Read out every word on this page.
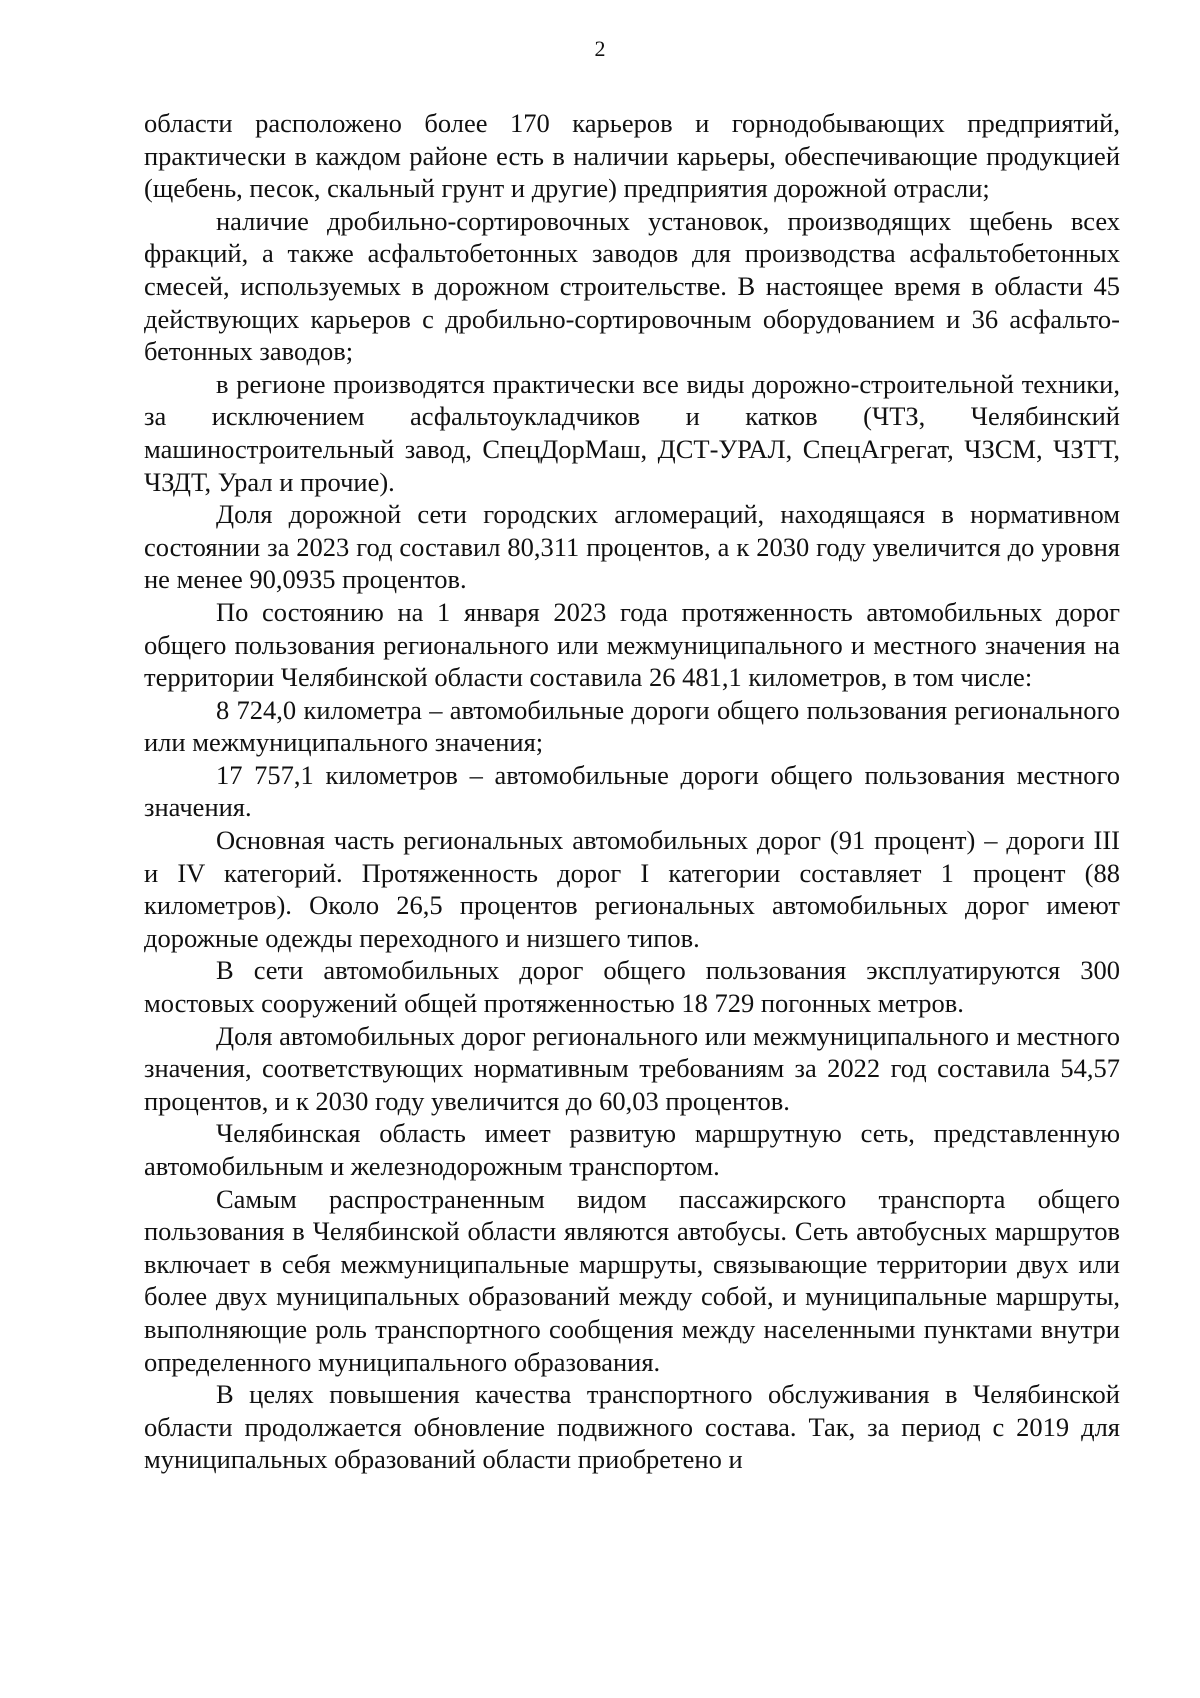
2

области расположено более 170 карьеров и горнодобывающих предприятий, практически в каждом районе есть в наличии карьеры, обеспечивающие продукцией (щебень, песок, скальный грунт и другие) предприятия дорожной отрасли;

наличие дробильно-сортировочных установок, производящих щебень всех фракций, а также асфальтобетонных заводов для производства асфальтобетонных смесей, используемых в дорожном строительстве. В настоящее время в области 45 действующих карьеров с дробильно-сортировочным оборудованием и 36 асфальто-бетонных заводов;

в регионе производятся практически все виды дорожно-строительной техники, за исключением асфальтоукладчиков и катков (ЧТЗ, Челябинский машиностроительный завод, СпецДорМаш, ДСТ-УРАЛ, СпецАгрегат, ЧЗСМ, ЧЗТТ, ЧЗДТ, Урал и прочие).

Доля дорожной сети городских агломераций, находящаяся в нормативном состоянии за 2023 год составил 80,311 процентов, а к 2030 году увеличится до уровня не менее 90,0935 процентов.

По состоянию на 1 января 2023 года протяженность автомобильных дорог общего пользования регионального или межмуниципального и местного значения на территории Челябинской области составила 26 481,1 километров, в том числе:

8 724,0 километра – автомобильные дороги общего пользования регионального или межмуниципального значения;

17 757,1 километров – автомобильные дороги общего пользования местного значения.

Основная часть региональных автомобильных дорог (91 процент) – дороги III и IV категорий. Протяженность дорог I категории составляет 1 процент (88 километров). Около 26,5 процентов региональных автомобильных дорог имеют дорожные одежды переходного и низшего типов.

В сети автомобильных дорог общего пользования эксплуатируются 300 мостовых сооружений общей протяженностью 18 729 погонных метров.

Доля автомобильных дорог регионального или межмуниципального и местного значения, соответствующих нормативным требованиям за 2022 год составила 54,57 процентов, и к 2030 году увеличится до 60,03 процентов.

Челябинская область имеет развитую маршрутную сеть, представленную автомобильным и железнодорожным транспортом.

Самым распространенным видом пассажирского транспорта общего пользования в Челябинской области являются автобусы. Сеть автобусных маршрутов включает в себя межмуниципальные маршруты, связывающие территории двух или более двух муниципальных образований между собой, и муниципальные маршруты, выполняющие роль транспортного сообщения между населенными пунктами внутри определенного муниципального образования.

В целях повышения качества транспортного обслуживания в Челябинской области продолжается обновление подвижного состава. Так, за период с 2019 для муниципальных образований области приобретено и
